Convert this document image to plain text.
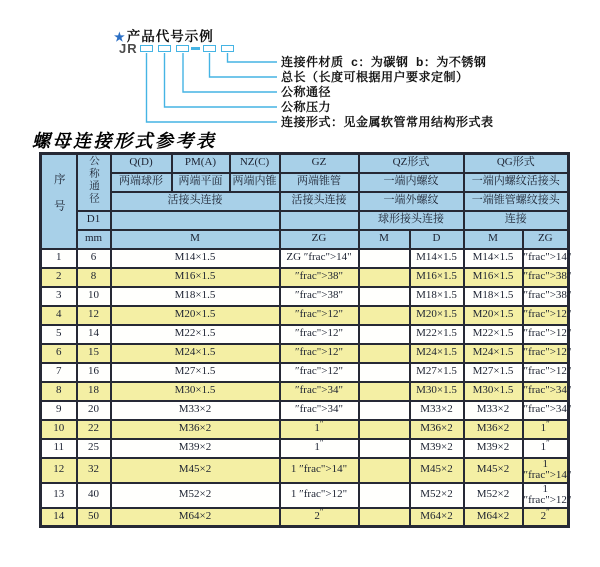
★产品代号示例
JR
连接件材质  c：为碳钢  b：为不锈钢
总长（长度可根据用户要求定制）
公称通径
公称压力
连接形式：见金属软管常用结构形式表
螺母连接形式参考表
序号	公称通径	Q(D)	PM(A)	NZ(C)	GZ	QZ形式		QG形式	
		两端球形	两端平面	两端内锥	两端锥管	一端内螺纹		一端内螺纹活接头	
		活接头连接			活接头连接	一端外螺纹		一端锥管螺纹接头	
	D1					球形接头连接		连接	
	mm	M			ZG	M	D	M	ZG
1	6	M14×1.5			ZG ″frac">14"		M14×1.5	M14×1.5	″frac">14"
2	8	M16×1.5			″frac">38"		M16×1.5	M16×1.5	″frac">38"
3	10	M18×1.5			″frac">38"		M18×1.5	M18×1.5	″frac">38"
4	12	M20×1.5			″frac">12"		M20×1.5	M20×1.5	″frac">12"
5	14	M22×1.5			″frac">12"		M22×1.5	M22×1.5	″frac">12"
6	15	M24×1.5			″frac">12"		M24×1.5	M24×1.5	″frac">12"
7	16	M27×1.5			″frac">12"		M27×1.5	M27×1.5	″frac">12"
8	18	M30×1.5			″frac">34"		M30×1.5	M30×1.5	″frac">34"
9	20	M33×2			″frac">34"		M33×2	M33×2	″frac">34"
10	22	M36×2			1″		M36×2	M36×2	1″
11	25	M39×2			1″		M39×2	M39×2	1″
12	32	M45×2			1 ″frac">14"		M45×2	M45×2	1 ″frac">14"
13	40	M52×2			1 ″frac">12"		M52×2	M52×2	1 ″frac">12"
14	50	M64×2			2″		M64×2	M64×2	2″
